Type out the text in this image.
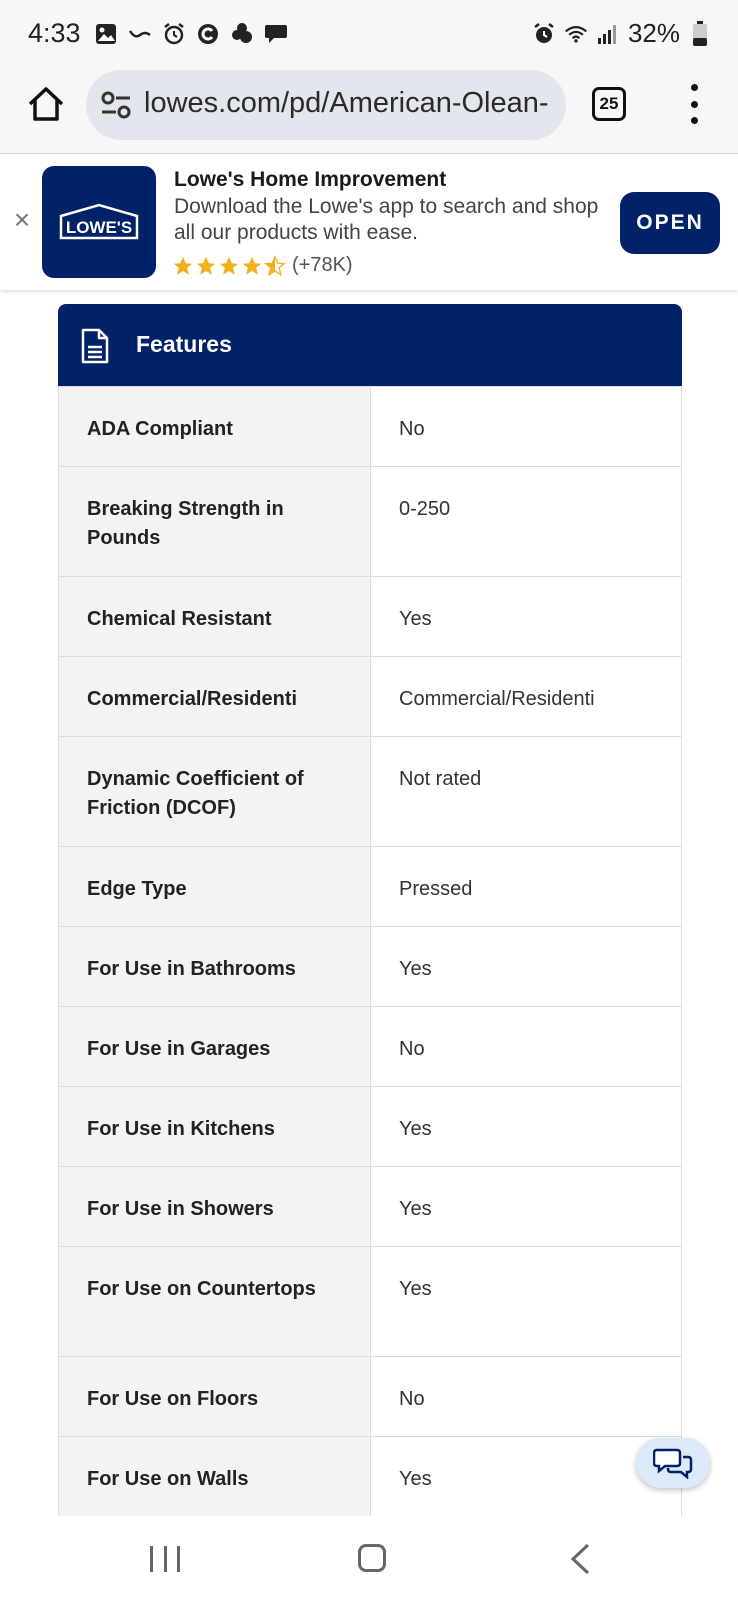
4:33	32%
lowes.com/pd/American-Olean-	25
× LOWE'S
Lowe's Home Improvement
Download the Lowe's app to search and shop all our products with ease.
(+78K)
OPEN
Features
ADA Compliant	No
Breaking Strength in Pounds	0-250
Chemical Resistant	Yes
Commercial/Residenti	Commercial/Residenti
Dynamic Coefficient of Friction (DCOF)	Not rated
Edge Type	Pressed
For Use in Bathrooms	Yes
For Use in Garages	No
For Use in Kitchens	Yes
For Use in Showers	Yes
For Use on Countertops	Yes
For Use on Floors	No
For Use on Walls	Yes
